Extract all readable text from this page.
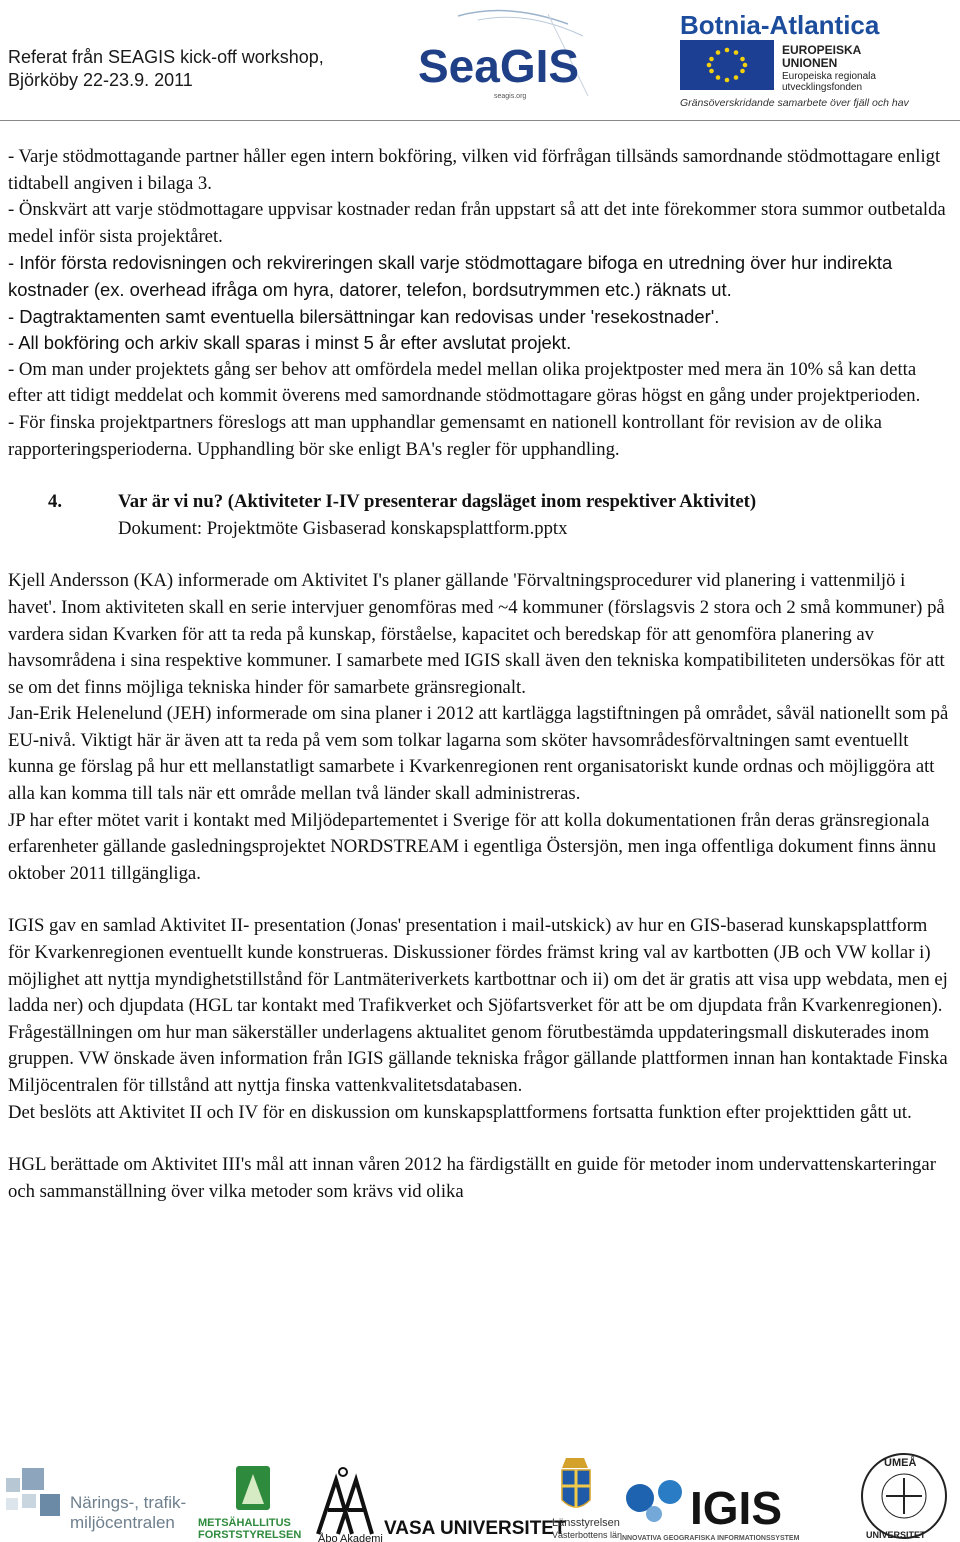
Referat från SEAGIS kick-off workshop,
Björköby 22-23.9. 2011	SeaGIS
seagis.org
Botnia-Atlantica
EUROPEISKA
UNIONEN
Europeiska regionala
utvecklingsfonden
Gränsöverskridande samarbete över fjäll och hav

- Varje stödmottagande partner håller egen intern bokföring, vilken vid förfrågan tillsänds samordnande stödmottagare enligt tidtabell angiven i bilaga 3.

- Önskvärt att varje stödmottagare uppvisar kostnader redan från uppstart så att det inte förekommer stora summor outbetalda medel inför sista projektåret.

- Inför första redovisningen och rekvireringen skall varje stödmottagare bifoga en utredning över hur indirekta kostnader (ex. overhead ifråga om hyra, datorer, telefon, bordsutrymmen etc.) räknats ut.

- Dagtraktamenten samt eventuella bilersättningar kan redovisas under 'resekostnader'.

- All bokföring och arkiv skall sparas i minst 5 år efter avslutat projekt.

- Om man under projektets gång ser behov att omfördela medel mellan olika projektposter med mera än 10% så kan detta efter att tidigt meddelat och kommit överens med samordnande stödmottagare göras högst en gång under projektperioden.

- För finska projektpartners föreslogs att man upphandlar gemensamt en nationell kontrollant för revision av de olika rapporteringsperioderna. Upphandling bör ske enligt BA's regler för upphandling.

4.	Var är vi nu? (Aktiviteter I-IV presenterar dagsläget inom respektiver Aktivitet)
Dokument: Projektmöte Gisbaserad konskapsplattform.pptx

Kjell Andersson (KA) informerade om Aktivitet I's planer gällande 'Förvaltningsprocedurer vid planering i vattenmiljö i havet'. Inom aktiviteten skall en serie intervjuer genomföras med ~4 kommuner (förslagsvis 2 stora och 2 små kommuner) på vardera sidan Kvarken för att ta reda på kunskap, förståelse, kapacitet och beredskap för att genomföra planering av havsområdena i sina respektive kommuner. I samarbete med IGIS skall även den tekniska kompatibiliteten undersökas för att se om det finns möjliga tekniska hinder för samarbete gränsregionalt.

Jan-Erik Helenelund (JEH) informerade om sina planer i 2012 att kartlägga lagstiftningen på området, såväl nationellt som på EU-nivå. Viktigt här är även att ta reda på vem som tolkar lagarna som sköter havsområdesförvaltningen samt eventuellt kunna ge förslag på hur ett mellanstatligt samarbete i Kvarkenregionen rent organisatoriskt kunde ordnas och möjliggöra att alla kan komma till tals när ett område mellan två länder skall administreras.

JP har efter mötet varit i kontakt med Miljödepartementet i Sverige för att kolla dokumentationen från deras gränsregionala erfarenheter gällande gasledningsprojektet NORDSTREAM i egentliga Östersjön, men inga offentliga dokument finns ännu oktober 2011 tillgängliga.

IGIS gav en samlad Aktivitet II- presentation (Jonas' presentation i mail-utskick) av hur en GIS-baserad kunskapsplattform för Kvarkenregionen eventuellt kunde konstrueras. Diskussioner fördes främst kring val av kartbotten (JB och VW kollar i) möjlighet att nyttja myndighetstillstånd för Lantmäteriverkets kartbottnar och ii) om det är gratis att visa upp webdata, men ej ladda ner) och djupdata (HGL tar kontakt med Trafikverket och Sjöfartsverket för att be om djupdata från Kvarkenregionen). Frågeställningen om hur man säkerställer underlagens aktualitet genom förutbestämda uppdateringsmall diskuterades inom gruppen. VW önskade även information från IGIS gällande tekniska frågor gällande plattformen innan han kontaktade Finska Miljöcentralen för tillstånd att nyttja finska vattenkvalitetsdatabasen.

Det beslöts att Aktivitet II och IV för en diskussion om kunskapsplattformens fortsatta funktion efter projekttiden gått ut.

HGL berättade om Aktivitet III's mål att innan våren 2012 ha färdigställt en guide för metoder inom undervattenskarteringar och sammanställning över vilka metoder som krävs vid olika

Närings-, trafik-
miljöcentralen METSÄHALLITUS
FORSTSTYRELSEN Åbo Akademi VASA UNIVERSITET
Länsstyrelsen
Västerbottens län
IGIS
INNOVATIVA GEOGRAFISKA INFORMATIONSSYSTEM
UMEÅ
UNIVERSITET
